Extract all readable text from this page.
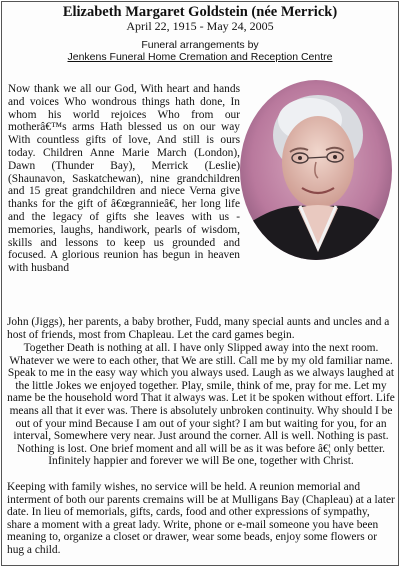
Elizabeth Margaret Goldstein (née Merrick)
April 22, 1915 - May 24, 2005
Funeral arrangements by
Jenkens Funeral Home Cremation and Reception Centre

Now thank we all our God, With heart and hands and voices Who wondrous things hath done, In whom his world rejoices Who from our motherâ€™s arms Hath blessed us on our way With countless gifts of love, And still is ours today. Children Anne Marie March (London), Dawn (Thunder Bay), Merrick (Leslie) (Shaunavon, Saskatchewan), nine grandchildren and 15 great grandchildren and niece Verna give thanks for the gift of â€œgrannieâ€, her long life and the legacy of gifts she leaves with us - memories, laughs, handiwork, pearls of wisdom, skills and lessons to keep us grounded and focused. A glorious reunion has begun in heaven with husband

John (Jiggs), her parents, a baby brother, Fudd, many special aunts and uncles and a host of friends, most from Chapleau. Let the card games begin.

Together Death is nothing at all. I have only Slipped away into the next room. Whatever we were to each other, that We are still. Call me by my old familiar name. Speak to me in the easy way which you always used. Laugh as we always laughed at the little Jokes we enjoyed together. Play, smile, think of me, pray for me. Let my name be the household word That it always was. Let it be spoken without effort. Life means all that it ever was. There is absolutely unbroken continuity. Why should I be out of your mind Because I am out of your sight? I am but waiting for you, for an interval, Somewhere very near. Just around the corner. All is well. Nothing is past. Nothing is lost. One brief moment and all will be as it was before â€¦ only better. Infinitely happier and forever we will Be one, together with Christ.

Keeping with family wishes, no service will be held. A reunion memorial and interment of both our parents cremains will be at Mulligans Bay (Chapleau) at a later date. In lieu of memorials, gifts, cards, food and other expressions of sympathy, share a moment with a great lady. Write, phone or e-mail someone you have been meaning to, organize a closet or drawer, wear some beads, enjoy some flowers or hug a child.
